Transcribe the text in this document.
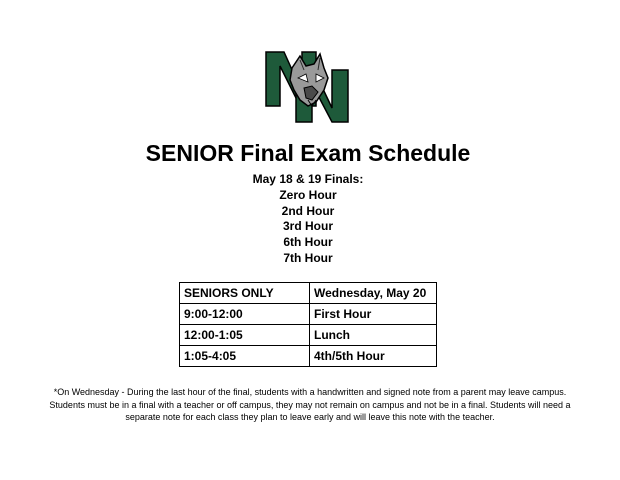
SENIOR Final Exam Schedule
May 18 & 19 Finals:
Zero Hour
2nd Hour
3rd Hour
6th Hour
7th Hour
SENIORS ONLY	Wednesday, May 20
9:00-12:00	First Hour
12:00-1:05	Lunch
1:05-4:05	4th/5th Hour
*On Wednesday - During the last hour of the final, students with a handwritten and signed note from a parent may leave campus.
Students must be in a final with a teacher or off campus, they may not remain on campus and not be in a final. Students will need a
separate note for each class they plan to leave early and will leave this note with the teacher.
